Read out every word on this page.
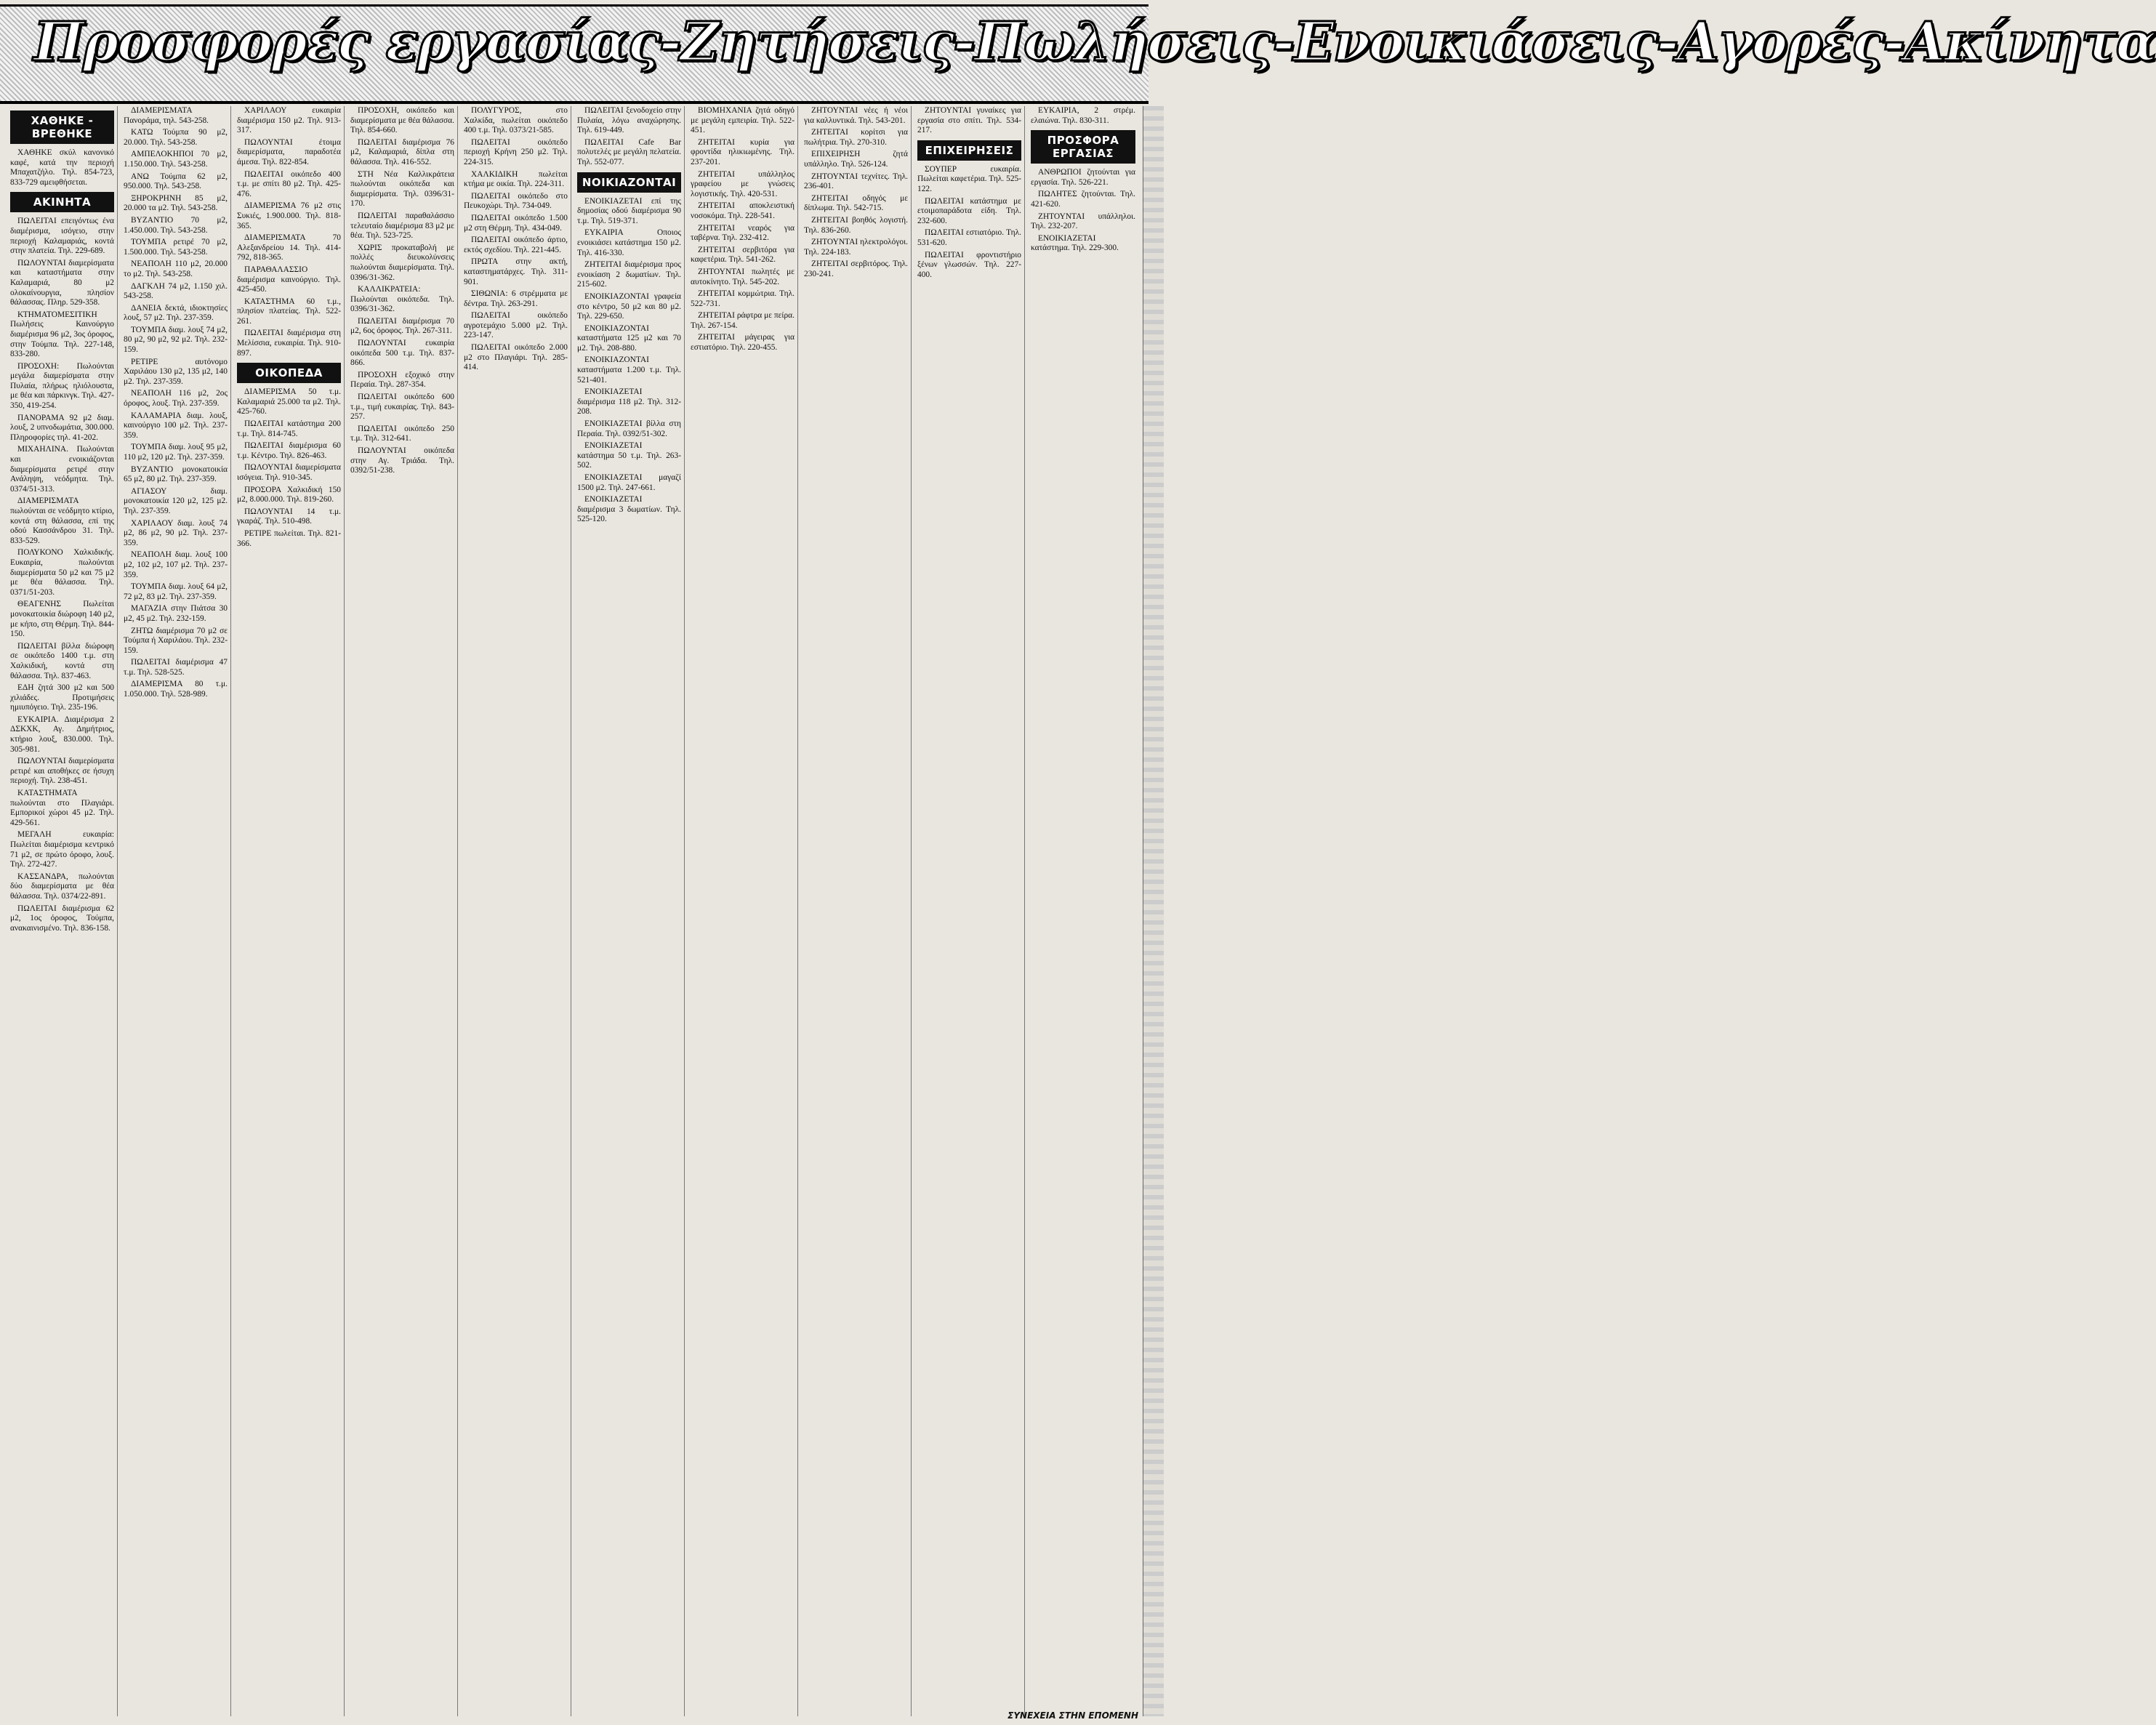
Προσφορές εργασίας-Ζητήσεις-Πωλήσεις-Ενοικιάσεις-Αγορές-Ακίνητα
ΧΑΘΗΚΕ - ΒΡΕΘΗΚΕ

ΧΑΘΗΚΕ σκύλ κανονικό καφέ, κατά την περιοχή Μπαχατζήλο. Τηλ. 854-723, 833-729 αμειφθήσεται.

ΑΚΙΝΗΤΑ

ΠΩΛΕΙΤΑΙ επειγόντως ένα διαμέρισμα, ισόγειο, στην περιοχή Καλαμαριάς, κοντά στην πλατεία. Τηλ. 229-689.

ΠΩΛΟΥΝΤΑΙ διαμερίσματα και καταστήματα στην Καλαμαριά, 80 μ2 ολοκαίνουργια, πλησίον θάλασσας. Πληρ. 529-358.

ΚΤΗΜΑΤΟΜΕΣΙΤΙΚΗ Πωλήσεις Καινούργιο διαμέρισμα 96 μ2, 3ος όροφος, στην Τούμπα. Τηλ. 227-148, 833-280.

ΠΡΟΣΟΧΗ: Πωλούνται μεγάλα διαμερίσματα στην Πυλαία, πλήρως ηλιόλουστα, με θέα και πάρκινγκ. Τηλ. 427-350, 419-254.

ΠΑΝΟΡΑΜΑ 92 μ2 διαμ. λουξ, 2 υπνοδωμάτια, 300.000. Πληροφορίες τηλ. 41-202.

ΜΙΧΑΗΛΙΝΑ. Πωλούνται και ενοικιάζονται διαμερίσματα ρετιρέ στην Ανάληψη, νεόδμητα. Τηλ. 0374/51-313.

ΔΙΑΜΕΡΙΣΜΑΤΑ πωλούνται σε νεόδμητο κτίριο, κοντά στη θάλασσα, επί της οδού Κασσάνδρου 31. Τηλ. 833-529.

ΠΟΛΥΚΟΝΟ Χαλκιδικής. Ευκαιρία, πωλούνται διαμερίσματα 50 μ2 και 75 μ2 με θέα θάλασσα. Τηλ. 0371/51-203.

ΘΕΑΓΕΝΗΣ Πωλείται μονοκατοικία διώροφη 140 μ2, με κήπο, στη Θέρμη. Τηλ. 844-150.

ΠΩΛΕΙΤΑΙ βίλλα διώροφη σε οικόπεδο 1400 τ.μ. στη Χαλκιδική, κοντά στη θάλασσα. Τηλ. 837-463.

ΕΔΗ ζητά 300 μ2 και 500 χιλιάδες. Προτιμήσεις ημιυπόγειο. Τηλ. 235-196.

ΕΥΚΑΙΡΙΑ. Διαμέρισμα 2 ΔΣΚΧΚ, Αγ. Δημήτριος, κτήριο λουξ, 830.000. Τηλ. 305-981.

ΠΩΛΟΥΝΤΑΙ διαμερίσματα ρετιρέ και αποθήκες σε ήσυχη περιοχή. Τηλ. 238-451.

ΚΑΤΑΣΤΗΜΑΤΑ πωλούνται στο Πλαγιάρι. Εμπορικοί χώροι 45 μ2. Τηλ. 429-561.

ΜΕΓΑΛΗ ευκαιρία: Πωλείται διαμέρισμα κεντρικό 71 μ2, σε πρώτο όροφο, λουξ. Τηλ. 272-427.

ΚΑΣΣΑΝΔΡΑ, πωλούνται δύο διαμερίσματα με θέα θάλασσα. Τηλ. 0374/22-891.

ΠΩΛΕΙΤΑΙ διαμέρισμα 62 μ2, 1ος όροφος, Τούμπα, ανακαινισμένο. Τηλ. 836-158.

ΔΙΑΜΕΡΙΣΜΑΤΑ Πανοράμα, τηλ. 543-258.

ΚΑΤΩ Τούμπα 90 μ2, 20.000. Τηλ. 543-258.

ΑΜΠΕΛΟΚΗΠΟΙ 70 μ2, 1.150.000. Τηλ. 543-258.

ΑΝΩ Τούμπα 62 μ2, 950.000. Τηλ. 543-258.

ΞΗΡΟΚΡΗΝΗ 85 μ2, 20.000 τα μ2. Τηλ. 543-258.

ΒΥΖΑΝΤΙΟ 70 μ2, 1.450.000. Τηλ. 543-258.

ΤΟΥΜΠΑ ρετιρέ 70 μ2, 1.500.000. Τηλ. 543-258.

ΝΕΑΠΟΛΗ 110 μ2, 20.000 το μ2. Τηλ. 543-258.

ΔΑΓΚΛΗ 74 μ2, 1.150 χιλ. 543-258.

ΔΑΝΕΙΑ δεκτά, ιδιοκτησίες λουξ, 57 μ2. Τηλ. 237-359.

ΤΟΥΜΠΑ διαμ. λουξ 74 μ2, 80 μ2, 90 μ2, 92 μ2. Τηλ. 232-159.

ΡΕΤΙΡΕ αυτόνομο Χαριλάου 130 μ2, 135 μ2, 140 μ2. Τηλ. 237-359.

ΝΕΑΠΟΛΗ 116 μ2, 2ος όροφος, λουξ. Τηλ. 237-359.

ΚΑΛΑΜΑΡΙΑ διαμ. λουξ, καινούργιο 100 μ2. Τηλ. 237-359.

ΤΟΥΜΠΑ διαμ. λουξ 95 μ2, 110 μ2, 120 μ2. Τηλ. 237-359.

ΒΥΖΑΝΤΙΟ μονοκατοικία 65 μ2, 80 μ2. Τηλ. 237-359.

ΑΓΙΑΣΟΥ διαμ. μονοκατοικία 120 μ2, 125 μ2. Τηλ. 237-359.

ΧΑΡΙΛΑΟΥ διαμ. λουξ 74 μ2, 86 μ2, 90 μ2. Τηλ. 237-359.

ΝΕΑΠΟΛΗ διαμ. λουξ 100 μ2, 102 μ2, 107 μ2. Τηλ. 237-359.

ΤΟΥΜΠΑ διαμ. λουξ 64 μ2, 72 μ2, 83 μ2. Τηλ. 237-359.

ΜΑΓΑΖΙΑ στην Πιάτσα 30 μ2, 45 μ2. Τηλ. 232-159.

ΖΗΤΩ διαμέρισμα 70 μ2 σε Τούμπα ή Χαριλάου. Τηλ. 232-159.

ΠΩΛΕΙΤΑΙ διαμέρισμα 47 τ.μ. Τηλ. 528-525.

ΔΙΑΜΕΡΙΣΜΑ 80 τ.μ. 1.050.000. Τηλ. 528-989.

ΧΑΡΙΛΑΟΥ ευκαιρία διαμέρισμα 150 μ2. Τηλ. 913-317.

ΠΩΛΟΥΝΤΑΙ έτοιμα διαμερίσματα, παραδοτέα άμεσα. Τηλ. 822-854.

ΠΩΛΕΙΤΑΙ οικόπεδο 400 τ.μ. με σπίτι 80 μ2. Τηλ. 425-476.

ΔΙΑΜΕΡΙΣΜΑ 76 μ2 στις Συκιές, 1.900.000. Τηλ. 818-365.

ΔΙΑΜΕΡΙΣΜΑΤΑ 70 Αλεξανδρείου 14. Τηλ. 414-792, 818-365.

ΠΑΡΑΘΑΛΑΣΣΙΟ διαμέρισμα καινούργιο. Τηλ. 425-450.

ΚΑΤΑΣΤΗΜΑ 60 τ.μ., πλησίον πλατείας. Τηλ. 522-261.

ΠΩΛΕΙΤΑΙ διαμέρισμα στη Μελίσσια, ευκαιρία. Τηλ. 910-897.

ΟΙΚΟΠΕΔΑ

ΔΙΑΜΕΡΙΣΜΑ 50 τ.μ. Καλαμαριά 25.000 τα μ2. Τηλ. 425-760.

ΠΩΛΕΙΤΑΙ κατάστημα 200 τ.μ. Τηλ. 814-745.

ΠΩΛΕΙΤΑΙ διαμέρισμα 60 τ.μ. Κέντρο. Τηλ. 826-463.

ΠΩΛΟΥΝΤΑΙ διαμερίσματα ισόγεια. Τηλ. 910-345.

ΠΡΟΣΟΡΑ Χαλκιδική 150 μ2, 8.000.000. Τηλ. 819-260.

ΠΩΛΟΥΝΤΑΙ 14 τ.μ. γκαράζ. Τηλ. 510-498.

ΡΕΤΙΡΕ πωλείται. Τηλ. 821-366.

ΠΡΟΣΟΧΗ, οικόπεδο και διαμερίσματα με θέα θάλασσα. Τηλ. 854-660.

ΠΩΛΕΙΤΑΙ διαμέρισμα 76 μ2, Καλαμαριά, δίπλα στη θάλασσα. Τηλ. 416-552.

ΣΤΗ Νέα Καλλικράτεια πωλούνται οικόπεδα και διαμερίσματα. Τηλ. 0396/31-170.

ΠΩΛΕΙΤΑΙ παραθαλάσσιο τελευταίο διαμέρισμα 83 μ2 με θέα. Τηλ. 523-725.

ΧΩΡΙΣ προκαταβολή με πολλές διευκολύνσεις πωλούνται διαμερίσματα. Τηλ. 0396/31-362.

ΚΑΛΛΙΚΡΑΤΕΙΑ: Πωλούνται οικόπεδα. Τηλ. 0396/31-362.

ΠΩΛΕΙΤΑΙ διαμέρισμα 70 μ2, 6ος όροφος. Τηλ. 267-311.

ΠΩΛΟΥΝΤΑΙ ευκαιρία οικόπεδα 500 τ.μ. Τηλ. 837-866.

ΠΡΟΣΟΧΗ εξοχικό στην Περαία. Τηλ. 287-354.

ΠΩΛΕΙΤΑΙ οικόπεδο 600 τ.μ., τιμή ευκαιρίας. Τηλ. 843-257.

ΠΩΛΕΙΤΑΙ οικόπεδο 250 τ.μ. Τηλ. 312-641.

ΠΩΛΟΥΝΤΑΙ οικόπεδα στην Αγ. Τριάδα. Τηλ. 0392/51-238.

ΠΟΛΥΓΥΡΟΣ, στο Χαλκίδα, πωλείται οικόπεδο 400 τ.μ. Τηλ. 0373/21-585.

ΠΩΛΕΙΤΑΙ οικόπεδο περιοχή Κρήνη 250 μ2. Τηλ. 224-315.

ΧΑΛΚΙΔΙΚΗ πωλείται κτήμα με οικία. Τηλ. 224-311.

ΠΩΛΕΙΤΑΙ οικόπεδο στο Πευκοχώρι. Τηλ. 734-049.

ΠΩΛΕΙΤΑΙ οικόπεδο 1.500 μ2 στη Θέρμη. Τηλ. 434-049.

ΠΩΛΕΙΤΑΙ οικόπεδο άρτιο, εκτός σχεδίου. Τηλ. 221-445.

ΠΡΩΤΑ στην ακτή, καταστηματάρχες. Τηλ. 311-901.

ΣΙΘΩΝΙΑ: 6 στρέμματα με δέντρα. Τηλ. 263-291.

ΠΩΛΕΙΤΑΙ οικόπεδο αγροτεμάχιο 5.000 μ2. Τηλ. 223-147.

ΠΩΛΕΙΤΑΙ οικόπεδο 2.000 μ2 στο Πλαγιάρι. Τηλ. 285-414.

ΠΩΛΕΙΤΑΙ ξενοδοχείο στην Πυλαία, λόγω αναχώρησης. Τηλ. 619-449.

ΠΩΛΕΙΤΑΙ Cafe Bar πολυτελές με μεγάλη πελατεία. Τηλ. 552-077.

ΝΟΙΚΙΑΖΟΝΤΑΙ

ΕΝΟΙΚΙΑΖΕΤΑΙ επί της δημοσίας οδού διαμέρισμα 90 τ.μ. Τηλ. 519-371.

ΕΥΚΑΙΡΙΑ Οποιος ενοικιάσει κατάστημα 150 μ2. Τηλ. 416-330.

ΖΗΤΕΙΤΑΙ διαμέρισμα προς ενοικίαση 2 δωματίων. Τηλ. 215-602.

ΕΝΟΙΚΙΑΖΟΝΤΑΙ γραφεία στο κέντρο, 50 μ2 και 80 μ2. Τηλ. 229-650.

ΕΝΟΙΚΙΑΖΟΝΤΑΙ καταστήματα 125 μ2 και 70 μ2. Τηλ. 208-880.

ΕΝΟΙΚΙΑΖΟΝΤΑΙ καταστήματα 1.200 τ.μ. Τηλ. 521-401.

ΕΝΟΙΚΙΑΖΕΤΑΙ διαμέρισμα 118 μ2. Τηλ. 312-208.

ΕΝΟΙΚΙΑΖΕΤΑΙ βίλλα στη Περαία. Τηλ. 0392/51-302.

ΕΝΟΙΚΙΑΖΕΤΑΙ κατάστημα 50 τ.μ. Τηλ. 263-502.

ΕΝΟΙΚΙΑΖΕΤΑΙ μαγαζί 1500 μ2. Τηλ. 247-661.

ΕΝΟΙΚΙΑΖΕΤΑΙ διαμέρισμα 3 δωματίων. Τηλ. 525-120.

ΒΙΟΜΗΧΑΝΙΑ ζητά οδηγό με μεγάλη εμπειρία. Τηλ. 522-451.

ΖΗΤΕΙΤΑΙ κυρία για φροντίδα ηλικιωμένης. Τηλ. 237-201.

ΖΗΤΕΙΤΑΙ υπάλληλος γραφείου με γνώσεις λογιστικής. Τηλ. 420-531.

ΖΗΤΕΙΤΑΙ αποκλειστική νοσοκόμα. Τηλ. 228-541.

ΖΗΤΕΙΤΑΙ νεαρός για ταβέρνα. Τηλ. 232-412.

ΖΗΤΕΙΤΑΙ σερβιτόρα για καφετέρια. Τηλ. 541-262.

ΖΗΤΟΥΝΤΑΙ πωλητές με αυτοκίνητο. Τηλ. 545-202.

ΖΗΤΕΙΤΑΙ κομμώτρια. Τηλ. 522-731.

ΖΗΤΕΙΤΑΙ ράφτρα με πείρα. Τηλ. 267-154.

ΖΗΤΕΙΤΑΙ μάγειρας για εστιατόριο. Τηλ. 220-455.

ΖΗΤΟΥΝΤΑΙ νέες ή νέοι για καλλυντικά. Τηλ. 543-201.

ΖΗΤΕΙΤΑΙ κορίτσι για πωλήτρια. Τηλ. 270-310.

ΕΠΙΧΕΙΡΗΣΗ ζητά υπάλληλο. Τηλ. 526-124.

ΖΗΤΟΥΝΤΑΙ τεχνίτες. Τηλ. 236-401.

ΖΗΤΕΙΤΑΙ οδηγός με δίπλωμα. Τηλ. 542-715.

ΖΗΤΕΙΤΑΙ βοηθός λογιστή. Τηλ. 836-260.

ΖΗΤΟΥΝΤΑΙ ηλεκτρολόγοι. Τηλ. 224-183.

ΖΗΤΕΙΤΑΙ σερβιτόρος. Τηλ. 230-241.

ΖΗΤΟΥΝΤΑΙ γυναίκες για εργασία στο σπίτι. Τηλ. 534-217.

ΕΠΙΧΕΙΡΗΣΕΙΣ

ΣΟΥΠΕΡ ευκαιρία. Πωλείται καφετέρια. Τηλ. 525-122.

ΠΩΛΕΙΤΑΙ κατάστημα με ετοιμοπαράδοτα είδη. Τηλ. 232-600.

ΠΩΛΕΙΤΑΙ εστιατόριο. Τηλ. 531-620.

ΠΩΛΕΙΤΑΙ φροντιστήριο ξένων γλωσσών. Τηλ. 227-400.

ΕΥΚΑΙΡΙΑ, 2 στρέμ. ελαιώνα. Τηλ. 830-311.

ΠΡΟΣΦΟΡΑ ΕΡΓΑΣΙΑΣ

ΑΝΘΡΩΠΟΙ ζητούνται για εργασία. Τηλ. 526-221.

ΠΩΛΗΤΕΣ ζητούνται. Τηλ. 421-620.

ΖΗΤΟΥΝΤΑΙ υπάλληλοι. Τηλ. 232-207.

ΕΝΟΙΚΙΑΖΕΤΑΙ κατάστημα. Τηλ. 229-300.

ΣΥΝΕΧΕΙΑ ΣΤΗΝ ΕΠΟΜΕΝΗ
